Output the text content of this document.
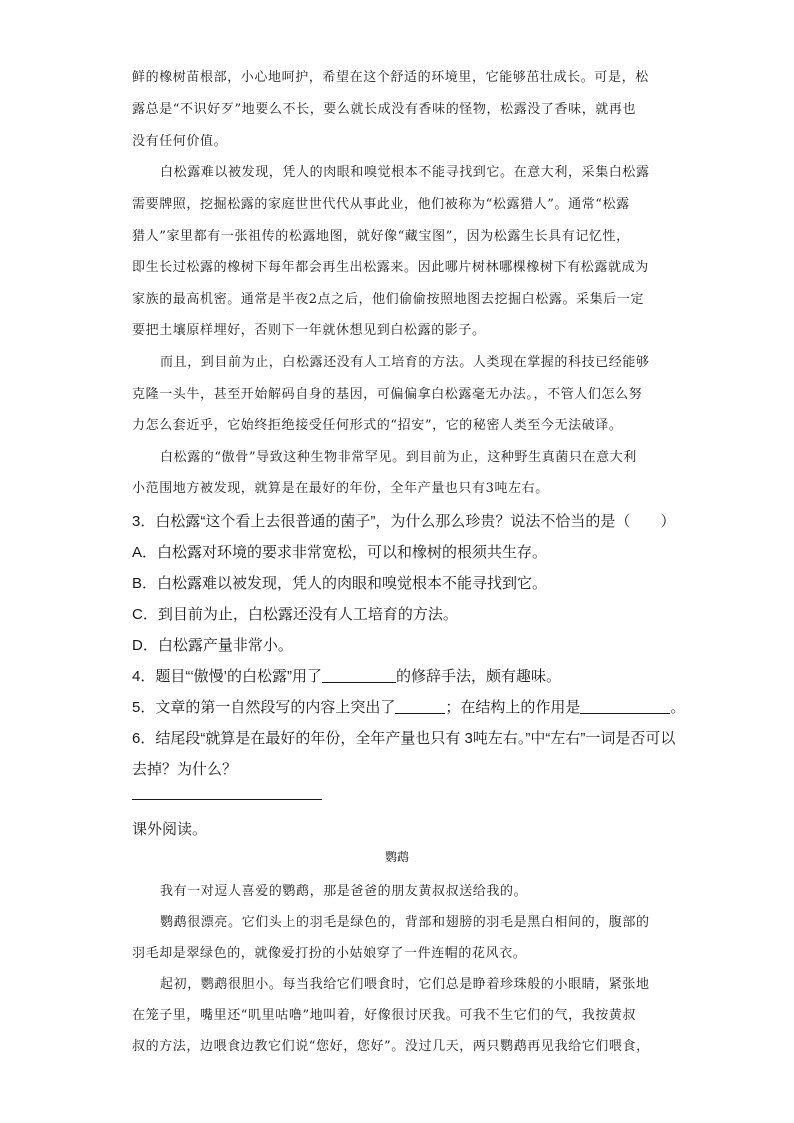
鲜的橡树苗根部，小心地呵护，希望在这个舒适的环境里，它能够茁壮成长。可是，松
露总是“不识好歹”地要么不长，要么就长成没有香味的怪物，松露没了香味，就再也
没有任何价值。
白松露难以被发现，凭人的肉眼和嗅觉根本不能寻找到它。在意大利，采集白松露
需要牌照，挖掘松露的家庭世世代代从事此业，他们被称为“松露猎人”。通常“松露
猎人”家里都有一张祖传的松露地图，就好像“藏宝图”，因为松露生长具有记忆性，
即生长过松露的橡树下每年都会再生出松露来。因此哪片树林哪棵橡树下有松露就成为
家族的最高机密。通常是半夜2点之后，他们偷偷按照地图去挖掘白松露。采集后一定
要把土壤原样埋好，否则下一年就休想见到白松露的影子。
而且，到目前为止，白松露还没有人工培育的方法。人类现在掌握的科技已经能够
克隆一头牛，甚至开始解码自身的基因，可偏偏拿白松露毫无办法。，不管人们怎么努
力怎么套近乎，它始终拒绝接受任何形式的“招安”，它的秘密人类至今无法破译。
白松露的“傲骨”导致这种生物非常罕见。到目前为止，这种野生真菌只在意大利
小范围地方被发现，就算是在最好的年份，全年产量也只有3吨左右。
3．白松露“这个看上去很普通的菌子”，为什么那么珍贵？说法不恰当的是（　　）
A．白松露对环境的要求非常宽松，可以和橡树的根须共生存。
B．白松露难以被发现，凭人的肉眼和嗅觉根本不能寻找到它。
C．到目前为止，白松露还没有人工培育的方法。
D．白松露产量非常小。
4．题目“‘傲慢’的白松露”用了	的修辞手法，颇有趣味。
5．文章的第一自然段写的内容上突出了	；在结构上的作用是	。
6．结尾段“就算是在最好的年份，全年产量也只有 3吨左右。”中“左右”一词是否可以
去掉？为什么？
课外阅读。
鹦鹉
我有一对逗人喜爱的鹦鹉，那是爸爸的朋友黄叔叔送给我的。
鹦鹉很漂亮。它们头上的羽毛是绿色的，背部和翅膀的羽毛是黑白相间的，腹部的
羽毛却是翠绿色的，就像爱打扮的小姑娘穿了一件连帽的花风衣。
起初，鹦鹉很胆小。每当我给它们喂食时，它们总是睁着珍珠般的小眼睛，紧张地
在笼子里，嘴里还“叽里咕噜”地叫着，好像很讨厌我。可我不生它们的气，我按黄叔
叔的方法，边喂食边教它们说“您好，您好”。没过几天，两只鹦鹉再见我给它们喂食，
